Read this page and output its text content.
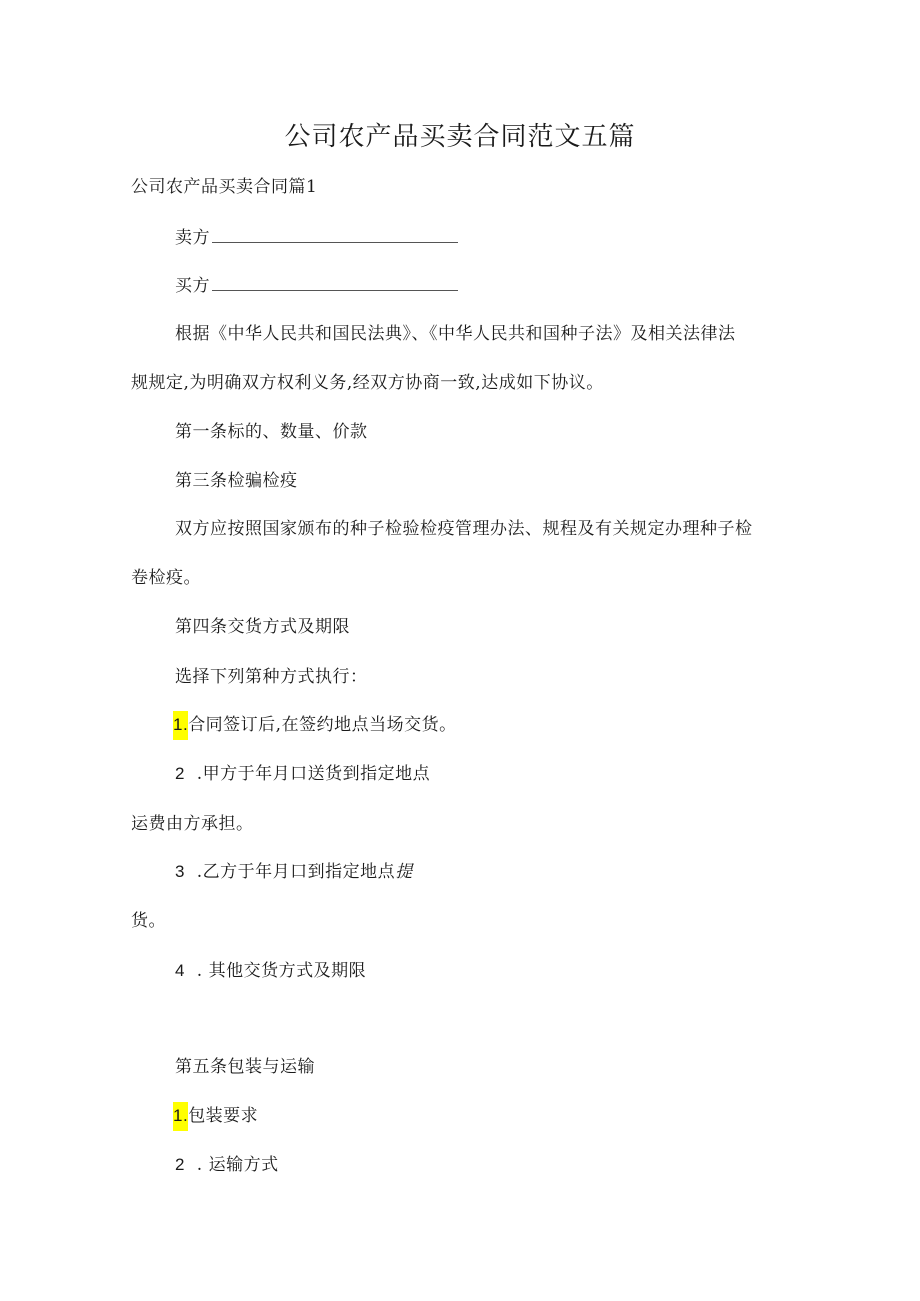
公司农产品买卖合同范文五篇
公司农产品买卖合同篇1
卖方
买方
根据《中华人民共和国民法典》、《中华人民共和国种子法》及相关法律法
规规定,为明确双方权利义务,经双方协商一致,达成如下协议。
第一条标的、数量、价款
第三条检骗检疫
双方应按照国家颁布的种子检验检疫管理办法、规程及有关规定办理种子检
卷检疫。
第四条交货方式及期限
选择下列第种方式执行：
1.合同签订后,在签约地点当场交货。
2 .甲方于年月口送货到指定地点
运费由方承担。
3 .乙方于年月口到指定地点提
货。
4 . 其他交货方式及期限
第五条包装与运输
1.包装要求
2 . 运输方式
